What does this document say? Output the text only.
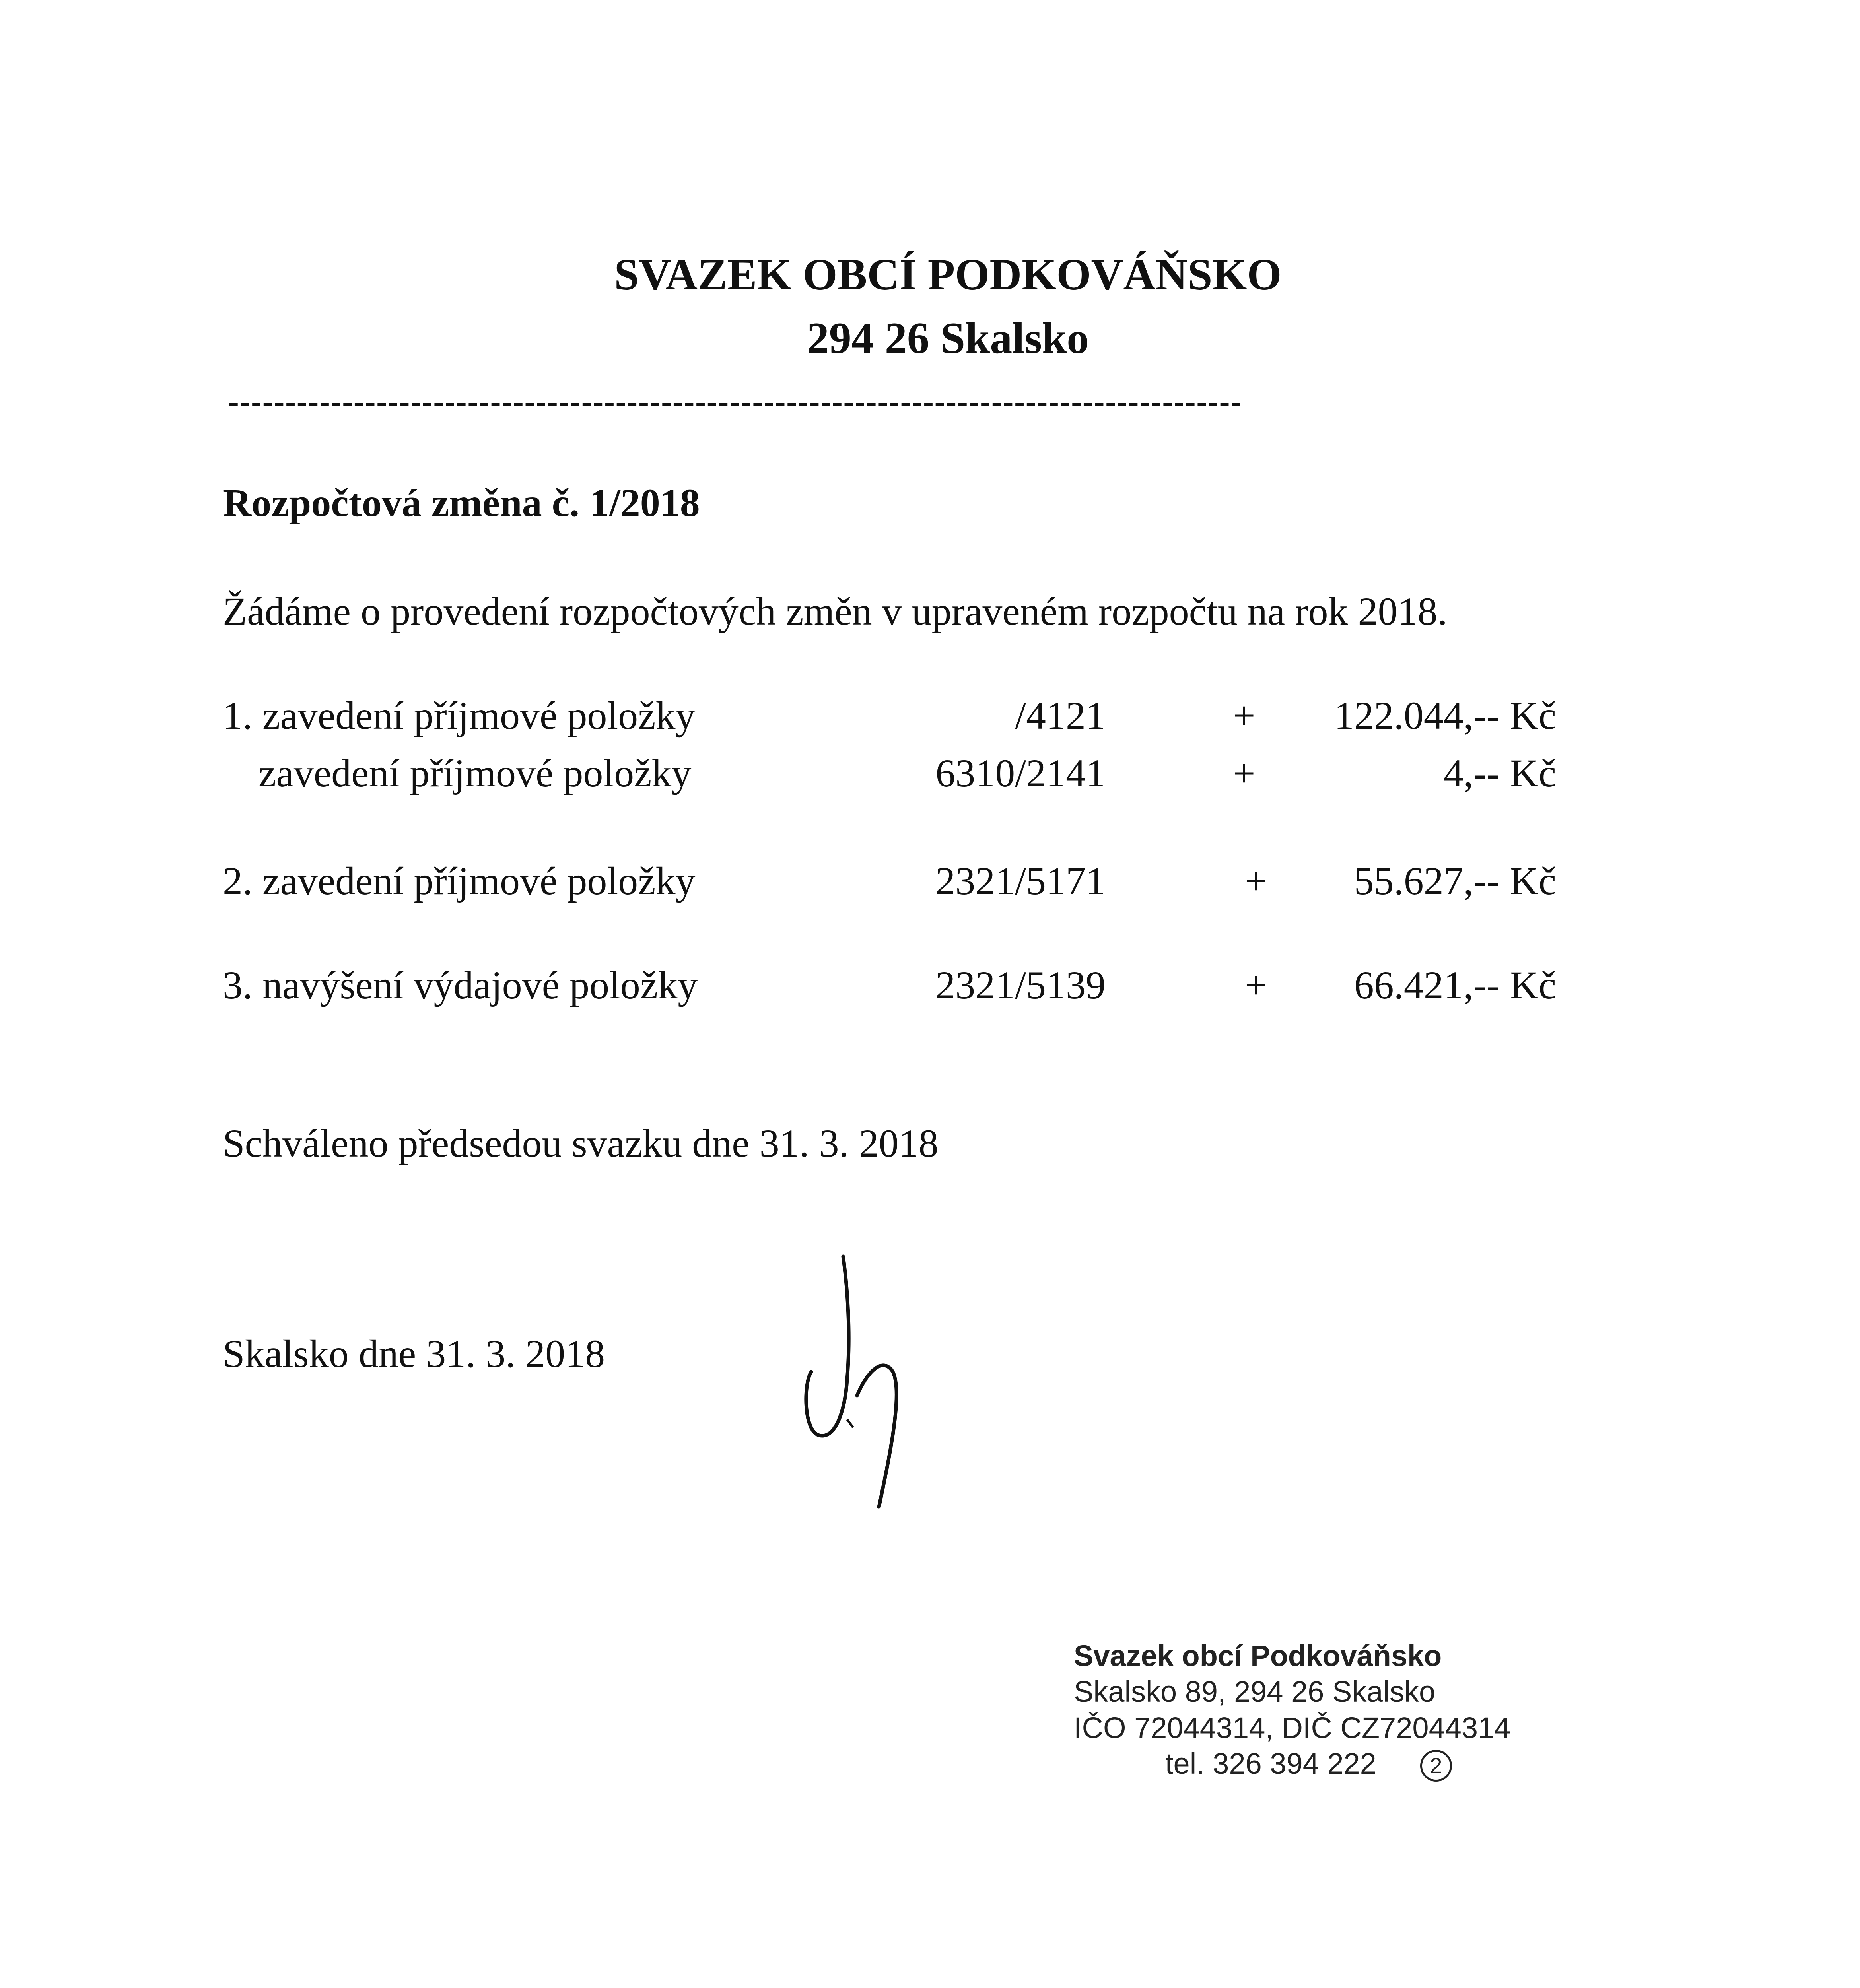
SVAZEK OBCÍ PODKOVÁŇSKO
294 26 Skalsko
-----------------------------------------------------------------------------------------
Rozpočtová změna č. 1/2018
Žádáme o provedení rozpočtových změn v upraveném rozpočtu na rok 2018.
1. zavedení příjmové položky	/4121	+ 122.044,-- Kč
zavedení příjmové položky	6310/2141	+	4,-- Kč
2. zavedení příjmové položky	2321/5171	+ 55.627,-- Kč
3. navýšení výdajové položky	2321/5139	+ 66.421,-- Kč
Schváleno předsedou svazku dne 31. 3. 2018
Skalsko dne 31. 3. 2018
Svazek obcí Podkováňsko
Skalsko 89, 294 26 Skalsko
IČO 72044314, DIČ CZ72044314
tel. 326 394 222 2
